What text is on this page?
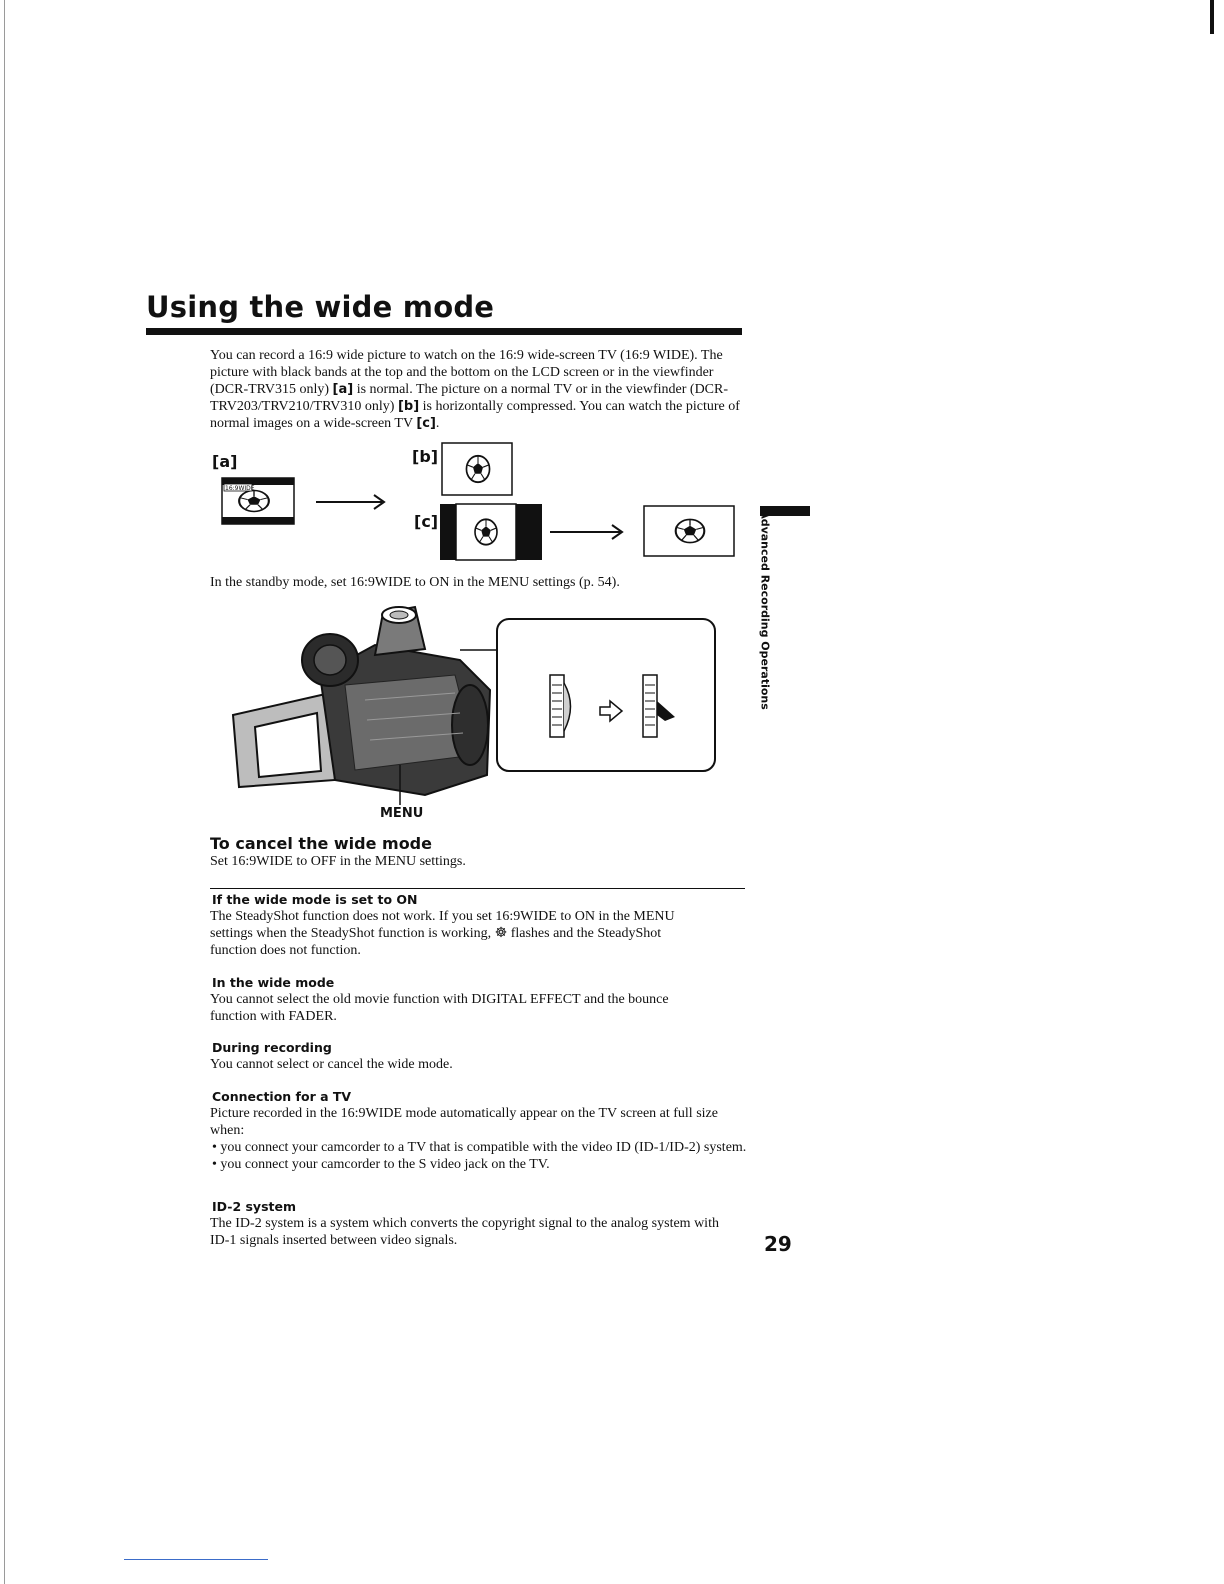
Using the wide mode

You can record a 16:9 wide picture to watch on the 16:9 wide-screen TV (16:9 WIDE). The picture with black bands at the top and the bottom on the LCD screen or in the viewfinder (DCR-TRV315 only) [a] is normal. The picture on a normal TV or in the viewfinder (DCR-TRV203/TRV210/TRV310 only) [b] is horizontally compressed. You can watch the picture of normal images on a wide-screen TV [c].

[a]	[b]
[c]
16:9WIDE
In the standby mode, set 16:9WIDE to ON in the MENU settings (p. 54).
MENU
To cancel the wide mode

Set 16:9WIDE to OFF in the MENU settings.

If the wide mode is set to ON

The SteadyShot function does not work. If you set 16:9WIDE to ON in the MENU settings when the SteadyShot function is working, ☸ flashes and the SteadyShot function does not function.

In the wide mode

You cannot select the old movie function with DIGITAL EFFECT and the bounce function with FADER.

During recording

You cannot select or cancel the wide mode.

Connection for a TV

Picture recorded in the 16:9WIDE mode automatically appear on the TV screen at full size when:

• you connect your camcorder to a TV that is compatible with the video ID (ID-1/ID-2) system.
• you connect your camcorder to the S video jack on the TV.
ID-2 system

The ID-2 system is a system which converts the copyright signal to the analog system with ID-1 signals inserted between video signals.

Advanced Recording Operations
29
